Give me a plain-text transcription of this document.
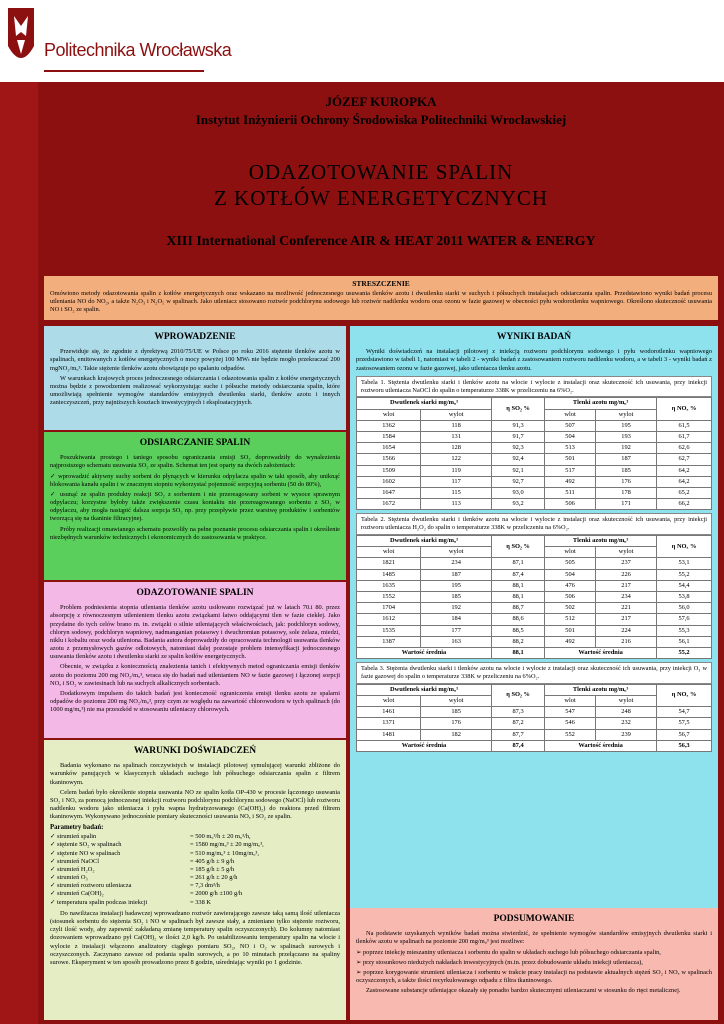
Politechnika Wrocławska
JÓZEF KUROPKA
Instytut Inżynierii Ochrony Środowiska Politechniki Wrocławskiej
ODAZOTOWANIE SPALIN
Z KOTŁÓW ENERGETYCZNYCH
XIII International Conference AIR & HEAT 2011 WATER & ENERGY
STRESZCZENIE

Omówiono metody odazotowania spalin z kotłów energetycznych oraz wskazano na możliwość jednoczesnego usuwania tlenków azotu i dwutlenku siarki w suchych i półsuchych instalacjach odsiarczania spalin. Przedstawiono wyniki badań procesu utleniania NO do NO₂, a także N₂O₃ i N₂O₅ w spalinach. Jako utleniacz stosowano roztwór podchlorynu sodowego lub roztwór nadtlenku wodoru oraz ozonu w fazie gazowej w obecności pyłu wodorotlenku wapniowego. Określono skuteczność usuwania NO i SO₂ ze spalin.

WPROWADZENIE

Przewiduje się, że zgodnie z dyrektywą 2010/75/UE w Polsce po roku 2016 stężenie tlenków azotu w spalinach, emitowanych z kotłów energetycznych o mocy powyżej 100 MWₜ nie będzie mogło przekraczać 200 mgNO₂/mᵤ³. Takie stężenie tlenków azotu obowiązuje po spalaniu odpadów.

W warunkach krajowych proces jednoczesnego odsiarczania i odazotowania spalin z kotłów energetycznych można będzie z powodzeniem realizować wykorzystując suche i półsuche metody odsiarczania spalin, które umożliwiają spełnienie wymogów standardów emisyjnych dwutlenku siarki, tlenków azotu i innych zanieczyszczeń, przy najniższych kosztach inwestycyjnych i eksploatacyjnych.

ODSIARCZANIE SPALIN

Poszukiwania prostego i taniego sposobu ograniczania emisji SO₂ doprowadziły do wynalezienia najprostszego schematu usuwania SO₂ ze spalin. Schemat ten jest oparty na dwóch założeniach:

✓ wprowadzić aktywny suchy sorbent do płynących w kierunku odpylacza spalin w taki sposób, aby uniknąć blokowania kanału spalin i w znacznym stopniu wykorzystać pojemność sorpcyjną sorbentu (50 do 80%),

✓ usunąć ze spalin produkty reakcji SO₂ z sorbentem i nie przereagowany sorbent w wysoce sprawnym odpylaczu; korzystne byłoby także zwiększenie czasu kontaktu nie przereagowanego sorbentu z SO₂ w odpylaczu, aby mogła nastąpić dalsza sorpcja SO₂ np. przy przepływie przez warstwę produktów i sorbentów tworzącą się na tkaninie filtracyjnej.

Próby realizacji omawianego schematu pozwoliły na pełne poznanie procesu odsiarczania spalin i określenie niezbędnych warunków technicznych i ekonomicznych do zastosowania w praktyce.

ODAZOTOWANIE SPALIN

Problem podniesienia stopnia utleniania tlenków azotu usiłowano rozwiązać już w latach 70.i 80. przez absorpcję z równoczesnym utlenieniem tlenku azotu związkami łatwo oddającymi tlen w fazie ciekłej. Jako przydatne do tych celów brano m. in. związki o silnie utleniających właściwościach, jak: podchloryn sodowy, chloryn sodowy, podchloryn wapniowy, nadmanganian potasowy i dwuchromian potasowy, sole żelaza, miedzi, niklu i kobaltu oraz woda utleniona. Badania autora doprowadziły do opracowania technologii usuwania tlenków azotu z przemysłowych gazów odlotowych, natomiast dalej pozostaje problem intensyfikacji jednoczesnego usuwania tlenków azotu i dwutlenku siarki ze spalin kotłów energetycznych.

Obecnie, w związku z koniecznością znalezienia tanich i efektywnych metod ograniczania emisji tlenków azotu do poziomu 200 mg NO₂/mᵤ³, wraca się do badań nad utlenianiem NO w fazie gazowej i łączonej sorpcji NOₓ i SO₂ w zawiesinach lub na suchych alkalicznych sorbentach.

Dodatkowym impulsem do takich badań jest konieczność ograniczenia emisji tlenku azotu ze spalarni odpadów do poziomu 200 mg NO₂/mᵤ³, przy czym ze względu na zawartość chlorowodoru w tych spalinach (do 1000 mg/mᵤ³) nie ma przeszkód w stosowaniu utleniaczy chlorowych.

WARUNKI DOŚWIADCZEŃ

Badania wykonano na spalinach rzeczywistych w instalacji pilotowej symulującej warunki zbliżone do warunków panujących w klasycznych układach suchego lub półsuchego odsiarczania spalin z filtrem tkaninowym.

Celem badań było określenie stopnia usuwania NO ze spalin kotła OP-430 w procesie łączonego usuwania SO₂ i NOₓ za pomocą jednoczesnej iniekcji roztworu podchlorynu podchlorynu sodowego (NaOCl) lub roztworu nadtlenku wodoru jako utleniacza i pyłu wapna hydratyzowanego (Ca(OH)₂) do reaktora przed filtrem tkaninowym. Wykonywano jednocześnie pomiary skuteczności usuwania NOₓ i SO₂ ze spalin.

Parametry badań:
✓ strumień spalin	= 500 mᵤ³/h ± 20 mᵤ³/h,
✓ stężenie SO₂ w spalinach	= 1580 mg/mᵤ³ ± 20 mg/mᵤ³,
✓ stężenie NO w spalinach	= 510 mg/mᵤ³ ± 10mg/mᵤ³,
✓ strumień NaOCl	= 405 g/h ± 9 g/h
✓ strumień H₂O₂	= 185 g/h ± 5 g/h
✓ strumień O₃	= 261 g/h ± 20 g/h
✓ strumień roztworu utleniacza	= 7,3 dm³/h
✓ strumień Ca(OH)₂	= 2000 g/h ±100 g/h
✓ temperatura spalin podczas iniekcji	= 338 K

Do nawilżacza instalacji badawczej wprowadzano roztwór zawierającego zawsze taką samą ilość utleniacza (stosunek sorbentu do stężenia SO₂ i NO w spalinach był zawsze stały, a zmieniano tylko stężenie roztworu, czyli ilość wody, aby zapewnić zakładaną zmianę temperatury spalin oczyszczonych). Do kolumny natomiast dozowaniem wprowadzano pył Ca(OH)₂ w ilości 2,0 kg/h. Po ustabilizowaniu temperatury spalin na wlocie i wylocie z instalacji włączono analizatory ciągłego pomiaru SO₂, NO i O₂ w spalinach surowych i oczyszczonych. Zaczynano zawsze od podania spalin surowych, a po 10 minutach przełączano na spaliny surowe. Eksperyment w ten sposób prowadzono przez 8 godzin, uśredniając wyniki po 1 godzinie.

WYNIKI BADAŃ

Wyniki doświadczeń na instalacji pilotowej z iniekcją roztworu podchlorynu sodowego i pyłu wodorotlenku wapniowego przedstawiono w tabeli 1, natomiast w tabeli 2 - wyniki badań z zastosowaniem roztworu nadtlenku wodoru, a w tabeli 3 - wyniki badań z zastosowaniem ozonu w fazie gazowej, jako utleniacza tlenku azotu.

Tabela 1. Stężenia dwutlenku siarki i tlenków azotu na wlocie i wylocie z instalacji oraz skuteczność ich usuwania, przy iniekcji roztworu utleniacza NaOCl do spalin o temperaturze 338K w przeliczeniu na 6%O₂.
Dwutlenek siarki mg/mᵤ³		η SO₂ %	Tlenki azotu mg/mᵤ³		η NOₓ %
wlot	wylot		wlot	wylot	
1362	118	91,3	507	195	61,5
1584	131	91,7	504	193	61,7
1654	128	92,3	513	192	62,6
1566	122	92,4	501	187	62,7
1509	119	92,1	517	185	64,2
1602	117	92,7	492	176	64,2
1647	115	93,0	511	178	65,2
1672	113	93,2	506	171	66,2
Tabela 2. Stężenia dwutlenku siarki i tlenków azotu na wlocie i wylocie z instalacji oraz skuteczność ich usuwania, przy iniekcji roztworu utleniacza H₂O₂ do spalin o temperaturze 338K w przeliczeniu na 6%O₂.
Dwutlenek siarki mg/mᵤ³		η SO₂ %	Tlenki azotu mg/mᵤ³		η NOₓ %
wlot	wylot		wlot	wylot	
1821	234	87,1	505	237	53,1
1485	187	87,4	504	226	55,2
1635	195	88,1	476	217	54,4
1552	185	88,1	506	234	53,8
1704	192	88,7	502	221	56,0
1612	184	88,6	512	217	57,6
1535	177	88,5	501	224	55,3
1387	163	88,2	492	216	56,1
Wartość średnia		88,1	Wartość średnia		55,2
Tabela 3. Stężenia dwutlenku siarki i tlenków azotu na wlocie i wylocie z instalacji oraz skuteczność ich usuwania, przy iniekcji O₃ w fazie gazowej do spalin o temperaturze 338K w przeliczeniu na 6%O₂.
Dwutlenek siarki mg/mᵤ³		η SO₂ %	Tlenki azotu mg/mᵤ³		η NOₓ %
wlot	wylot		wlot	wylot	
1461	185	87,3	547	248	54,7
1371	176	87,2	546	232	57,5
1481	182	87,7	552	239	56,7
Wartość średnia		87,4	Wartość średnia		56,3
PODSUMOWANIE

Na podstawie uzyskanych wyników badań można stwierdzić, że spełnienie wymogów standardów emisyjnych dwutlenku siarki i tlenków azotu w spalinach na poziomie 200 mg/mᵤ³ jest możliwe:

➢ poprzez iniekcję mieszaniny utleniacza i sorbentu do spalin w układach suchego lub półsuchego odsiarczania spalin,

➢ przy stosunkowo niedużych nakładach inwestycyjnych (m.in. przez dobudowanie układu iniekcji utleniacza),

➢ poprzez korygowanie strumieni utleniacza i sorbentu w trakcie pracy instalacji na podstawie aktualnych stężeń SO₂ i NOₓ w spalinach oczyszczonych, a także ilości recyrkulowanego odpadu z filtra tkaninowego.

Zastosowane substancje utleniające okazały się ponadto bardzo skutecznymi utleniaczami w stosunku do rtęci metalicznej.
